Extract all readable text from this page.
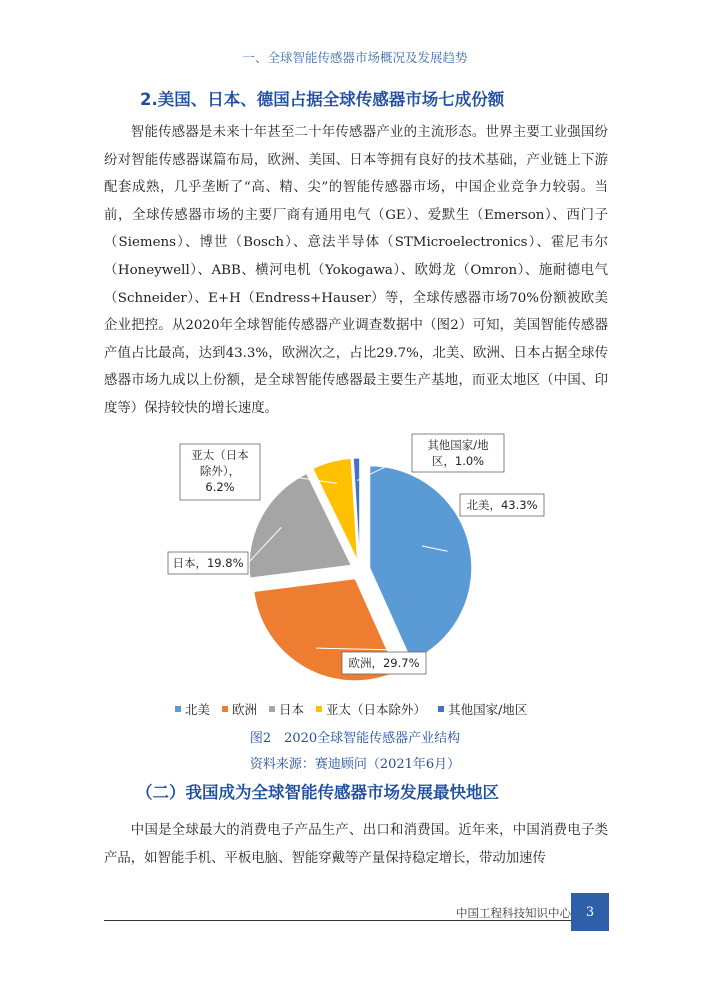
一、全球智能传感器市场概况及发展趋势
2.美国、日本、德国占据全球传感器市场七成份额
智能传感器是未来十年甚至二十年传感器产业的主流形态。世界主要工业强国纷纷对智能传感器谋篇布局，欧洲、美国、日本等拥有良好的技术基础，产业链上下游配套成熟，几乎垄断了“高、精、尖”的智能传感器市场，中国企业竞争力较弱。当前，全球传感器市场的主要厂商有通用电气（GE）、爱默生（Emerson）、西门子（Siemens）、博世（Bosch）、意法半导体（STMicroelectronics）、霍尼韦尔（Honeywell）、ABB、横河电机（Yokogawa）、欧姆龙（Omron）、施耐德电气（Schneider）、E+H（Endress+Hauser）等，全球传感器市场70%份额被欧美企业把控。从2020年全球智能传感器产业调查数据中（图2）可知，美国智能传感器产值占比最高，达到43.3%，欧洲次之，占比29.7%，北美、欧洲、日本占据全球传感器市场九成以上份额，是全球智能传感器最主要生产基地，而亚太地区（中国、印度等）保持较快的增长速度。
北美，43.3%
欧洲，29.7%
日本，19.8%
亚太（日本
除外），
6.2%
其他国家/地
区，1.0%
北美 欧洲 日本 亚太（日本除外） 其他国家/地区
图2　2020全球智能传感器产业结构
资料来源：赛迪顾问（2021年6月）
（二）我国成为全球智能传感器市场发展最快地区
中国是全球最大的消费电子产品生产、出口和消费国。近年来，中国消费电子类产品，如智能手机、平板电脑、智能穿戴等产量保持稳定增长，带动加速传
中国工程科技知识中心	3
